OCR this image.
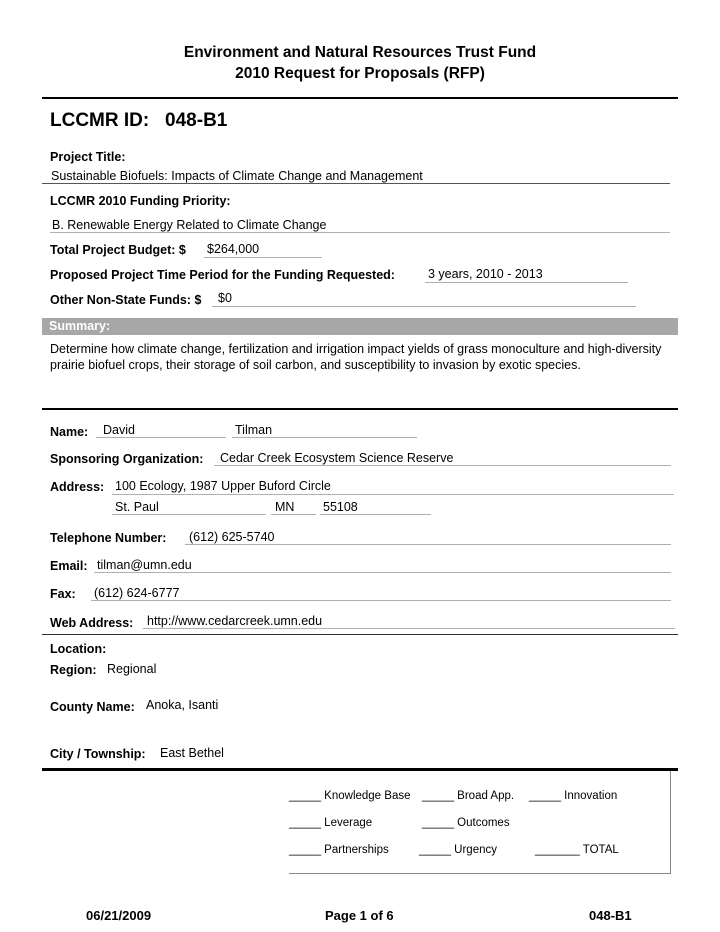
Environment and Natural Resources Trust Fund
2010 Request for Proposals (RFP)
LCCMR ID: 048-B1
Project Title:
Sustainable Biofuels: Impacts of Climate Change and Management
LCCMR 2010 Funding Priority:
B. Renewable Energy Related to Climate Change
Total Project Budget: $ $264,000
Proposed Project Time Period for the Funding Requested:	3 years, 2010 - 2013
Other Non-State Funds: $ $0
Summary:
Determine how climate change, fertilization and irrigation impact yields of grass monoculture and high-diversity prairie biofuel crops, their storage of soil carbon, and susceptibility to invasion by exotic species.
Name: David	Tilman
Sponsoring Organization: Cedar Creek Ecosystem Science Reserve
Address: 100 Ecology, 1987 Upper Buford Circle
St. Paul	MN 55108
Telephone Number: (612) 625-5740
Email: tilman@umn.edu
Fax: (612) 624-6777
Web Address: http://www.cedarcreek.umn.edu
Location:
Region: Regional
County Name: Anoka, Isanti
City / Township: East Bethel
_____ Knowledge Base _____ Broad App. _____ Innovation
_____ Leverage	_____ Outcomes
_____ Partnerships	_____ Urgency	_______ TOTAL
06/21/2009	Page 1 of 6	048-B1
